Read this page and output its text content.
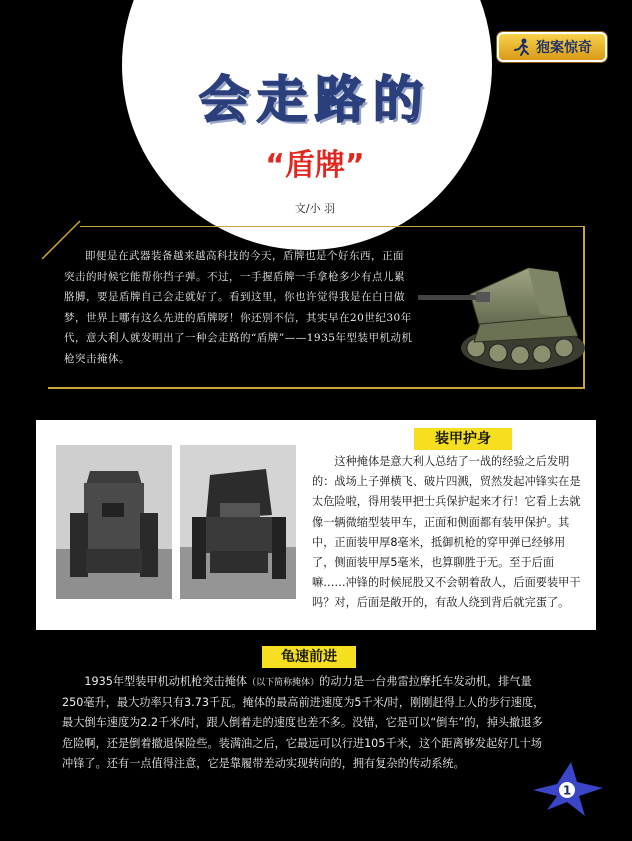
狍案惊奇
会走路的
“盾牌”
文/小 羽
即便是在武器装备越来越高科技的今天，盾牌也是个好东西，正面突击的时候它能帮你挡子弹。不过，一手握盾牌一手拿枪多少有点儿累胳膊，要是盾牌自己会走就好了。看到这里，你也许觉得我是在白日做梦，世界上哪有这么先进的盾牌呀！你还别不信，其实早在20世纪30年代，意大利人就发明出了一种会走路的“盾牌”——1935年型装甲机动机枪突击掩体。
装甲护身
这种掩体是意大利人总结了一战的经验之后发明的：战场上子弹横飞、破片四溅，贸然发起冲锋实在是太危险啦，得用装甲把士兵保护起来才行！它看上去就像一辆微缩型装甲车，正面和侧面都有装甲保护。其中，正面装甲厚8毫米，抵御机枪的穿甲弹已经够用了，侧面装甲厚5毫米，也算聊胜于无。至于后面嘛……冲锋的时候屁股又不会朝着敌人，后面要装甲干吗？对，后面是敞开的，有敌人绕到背后就完蛋了。
龟速前进
1935年型装甲机动机枪突击掩体（以下简称掩体）的动力是一台弗雷拉摩托车发动机，排气量250毫升，最大功率只有3.73千瓦。掩体的最高前进速度为5千米/时，刚刚赶得上人的步行速度，最大倒车速度为2.2千米/时，跟人倒着走的速度也差不多。没错，它是可以“倒车”的，掉头撤退多危险啊，还是倒着撤退保险些。装满油之后，它最远可以行进105千米，这个距离够发起好几十场冲锋了。还有一点值得注意，它是靠履带差动实现转向的，拥有复杂的传动系统。
1
